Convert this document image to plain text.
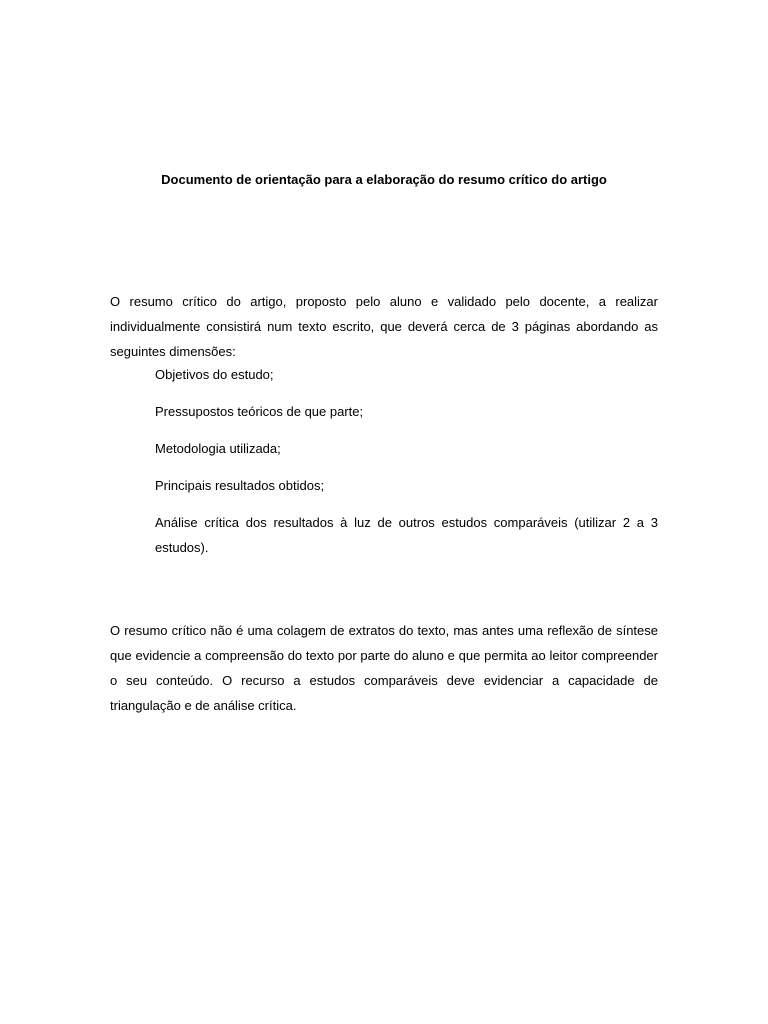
Documento de orientação para a elaboração do resumo crítico do artigo

O resumo crítico do artigo, proposto pelo aluno e validado pelo docente, a realizar individualmente consistirá num texto escrito, que deverá cerca de 3 páginas abordando as seguintes dimensões:

Objetivos do estudo;
Pressupostos teóricos de que parte;
Metodologia utilizada;
Principais resultados obtidos;
Análise crítica dos resultados à luz de outros estudos comparáveis (utilizar 2 a 3 estudos).

O resumo crítico não é uma colagem de extratos do texto, mas antes uma reflexão de síntese que evidencie a compreensão do texto por parte do aluno e que permita ao leitor compreender o seu conteúdo. O recurso a estudos comparáveis deve evidenciar a capacidade de triangulação e de análise crítica.
